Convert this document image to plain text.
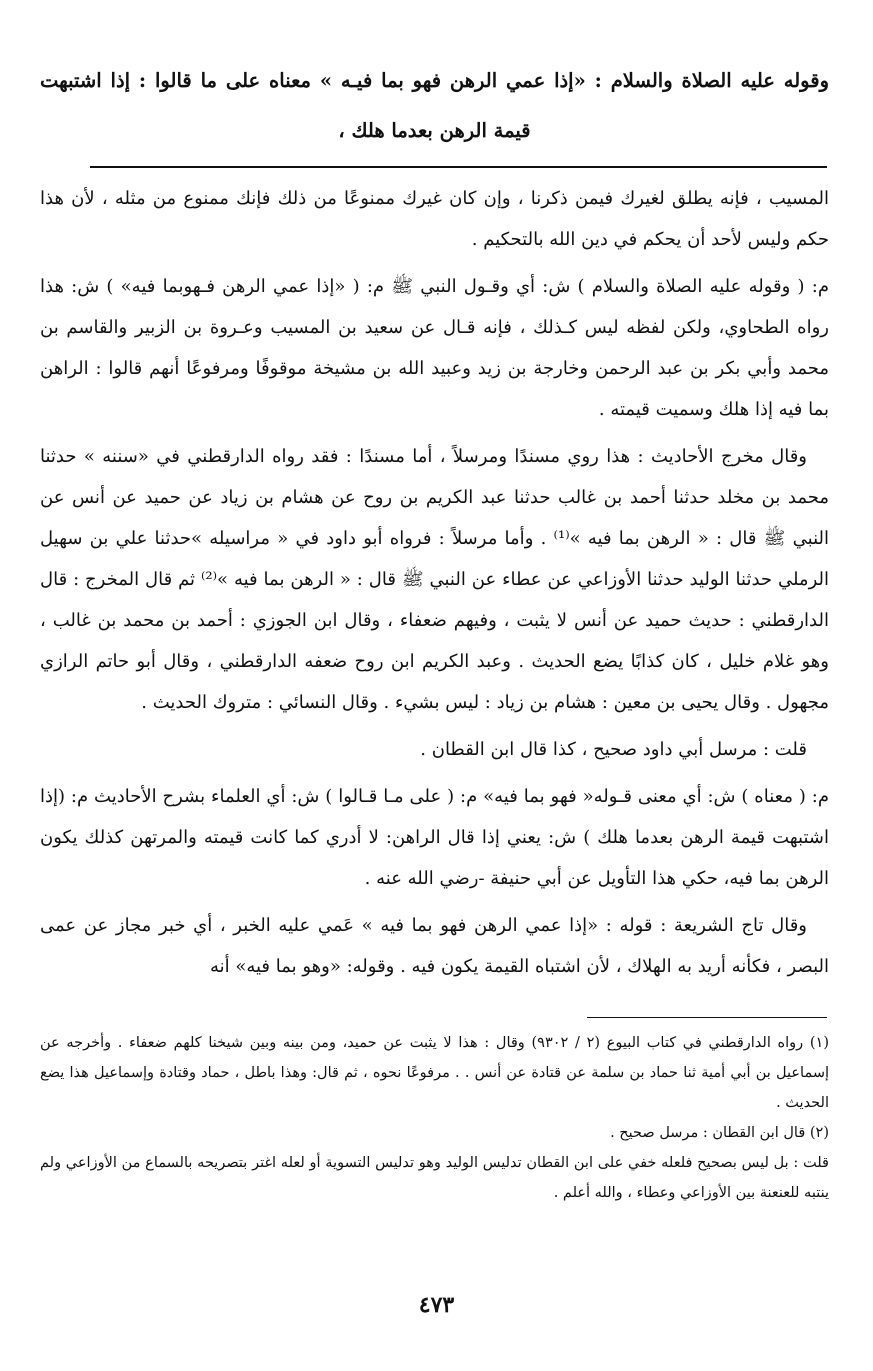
وقوله عليه الصلاة والسلام : «إذا عمي الرهن فهو بما فيـه » معناه على ما قالوا : إذا اشتبهت قيمة الرهن بعدما هلك ،

المسيب ، فإنه يطلق لغيرك فيمن ذكرنا ، وإن كان غيرك ممنوعًا من ذلك فإنك ممنوع من مثله ، لأن هذا حكم وليس لأحد أن يحكم في دين الله بالتحكيم .

م: ( وقوله عليه الصلاة والسلام ) ش: أي وقـول النبي ﷺ م: ( «إذا عمي الرهن فـهوبما فيه» ) ش: هذا رواه الطحاوي، ولكن لفظه ليس كـذلك ، فإنه قـال عن سعيد بن المسيب وعـروة بن الزبير والقاسم بن محمد وأبي بكر بن عبد الرحمن وخارجة بن زيد وعبيد الله بن مشيخة موقوفًا ومرفوعًا أنهم قالوا : الراهن بما فيه إذا هلك وسميت قيمته .

وقال مخرج الأحاديث : هذا روي مسندًا ومرسلاً ، أما مسندًا : فقد رواه الدارقطني في «سننه » حدثنا محمد بن مخلد حدثنا أحمد بن غالب حدثنا عبد الكريم بن روح عن هشام بن زياد عن حميد عن أنس عن النبي ﷺ قال : « الرهن بما فيه »⁽¹⁾ . وأما مرسلاً : فرواه أبو داود في « مراسيله »حدثنا علي بن سهيل الرملي حدثنا الوليد حدثنا الأوزاعي عن عطاء عن النبي ﷺ قال : « الرهن بما فيه »⁽²⁾ ثم قال المخرج : قال الدارقطني : حديث حميد عن أنس لا يثبت ، وفيهم ضعفاء ، وقال ابن الجوزي : أحمد بن محمد بن غالب ، وهو غلام خليل ، كان كذابًا يضع الحديث . وعبد الكريم ابن روح ضعفه الدارقطني ، وقال أبو حاتم الرازي مجهول . وقال يحيى بن معين : هشام بن زياد : ليس بشيء . وقال النسائي : متروك الحديث .

قلت : مرسل أبي داود صحيح ، كذا قال ابن القطان .

م: ( معناه ) ش: أي معنى قـوله« فهو بما فيه» م: ( على مـا قـالوا ) ش: أي العلماء بشرح الأحاديث م: (إذا اشتبهت قيمة الرهن بعدما هلك ) ش: يعني إذا قال الراهن: لا أدري كما كانت قيمته والمرتهن كذلك يكون الرهن بما فيه، حكي هذا التأويل عن أبي حنيفة -رضي الله عنه .

وقال تاج الشريعة : قوله : «إذا عمي الرهن فهو بما فيه » عَمي عليه الخبر ، أي خبر مجاز عن عمى البصر ، فكأنه أريد به الهلاك ، لأن اشتباه القيمة يكون فيه . وقوله: «وهو بما فيه» أنه

(١) رواه الدارقطني في كتاب البيوع (٢ / ٩٣٠٢) وقال : هذا لا يثبت عن حميد، ومن بينه وبين شيخنا كلهم ضعفاء . وأخرجه عن إسماعيل بن أبي أمية ثنا حماد بن سلمة عن قتادة عن أنس . . مرفوعًا نحوه ، ثم قال: وهذا باطل ، حماد وقتادة وإسماعيل هذا يضع الحديث .

(٢) قال ابن القطان : مرسل صحيح .

قلت : بل ليس بصحيح فلعله خفي على ابن القطان تدليس الوليد وهو تدليس التسوية أو لعله اغتر بتصريحه بالسماع من الأوزاعي ولم ينتبه للعنعنة بين الأوزاعي وعطاء ، والله أعلم .

٤٧٣
